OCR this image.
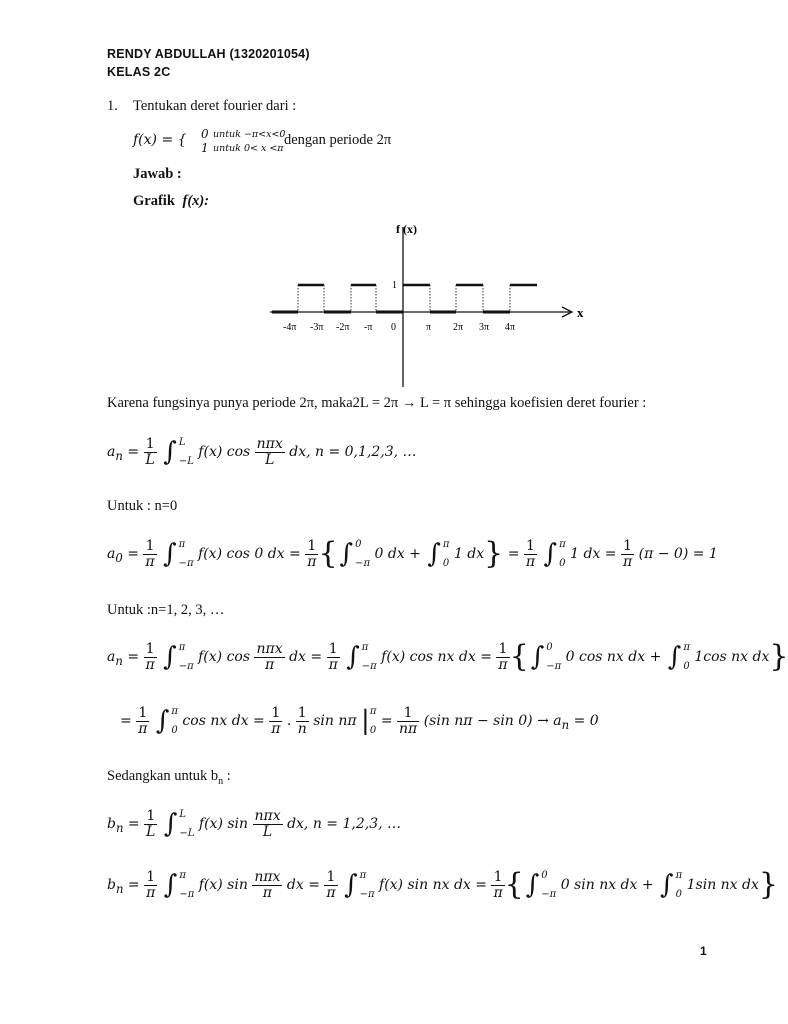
RENDY ABDULLAH (1320201054)
KELAS 2C
1. Tentukan deret fourier dari :
f(x) = { 0 untuk −π<x<0
1 untuk 0< x <π
dengan periode 2π
Jawab :
Grafik f(x):
f (x)
x
1
-4π -3π -2π -π 0	π 2π 3π 4π
Karena fungsinya punya periode 2π, maka2L = 2π → L = π sehingga koefisien deret fourier :
$a_n = \frac{1}{L}$ ∫ L
−L
f(x) $\cos \frac{\text{nπx}}{L}$ dx, n = 0,1,2,3, …
Untuk : n=0
$a_0 = \frac{1}{\pi}$ ∫ π
−π
f(x) cos 0 dx = $\frac{1}{\pi}$ {∫ 0
−π
0 dx + ∫ π
0
1 $dx\} = \frac{1}{\pi}$ ∫ π
0
1 dx = $\frac{1}{\pi} (\pi - 0) = 1$
Untuk :n=1, 2, 3, …
$a_n = \frac{1}{\pi}$ ∫ π
−π
f(x) $\cos \frac{\text{nπx}}{\pi}$ dx = $\frac{1}{\pi}$ ∫ π
−π
f(x) cos nx dx = $\frac{1}{\pi}$ {∫ 0
−π
0 cos nx dx + ∫ π
0
1cos nx dx}
= $\frac{1}{\pi}$ ∫ π
0
cos nx dx = $\frac{1}{\pi}$ . $\frac{1}{n}$ sin nπ | π
0
= $\frac{1}{n\pi} (\sin$ $n\pi - \sin 0) \to a_n = 0$
Sedangkan untuk $b_n$ :
$b_n = \frac{1}{L}$ ∫ L
−L
f(x) $\sin \frac{\text{nπx}}{L}$ dx, n = 1,2,3, …
$b_n = \frac{1}{\pi}$ ∫ π
−π
f(x) $\sin \frac{\text{nπx}}{\pi}$ dx = $\frac{1}{\pi}$ ∫ π
−π
f(x) sin nx dx = $\frac{1}{\pi}$ {∫ 0
−π
0 sin nx dx + ∫ π
0
1sin nx dx}
1
